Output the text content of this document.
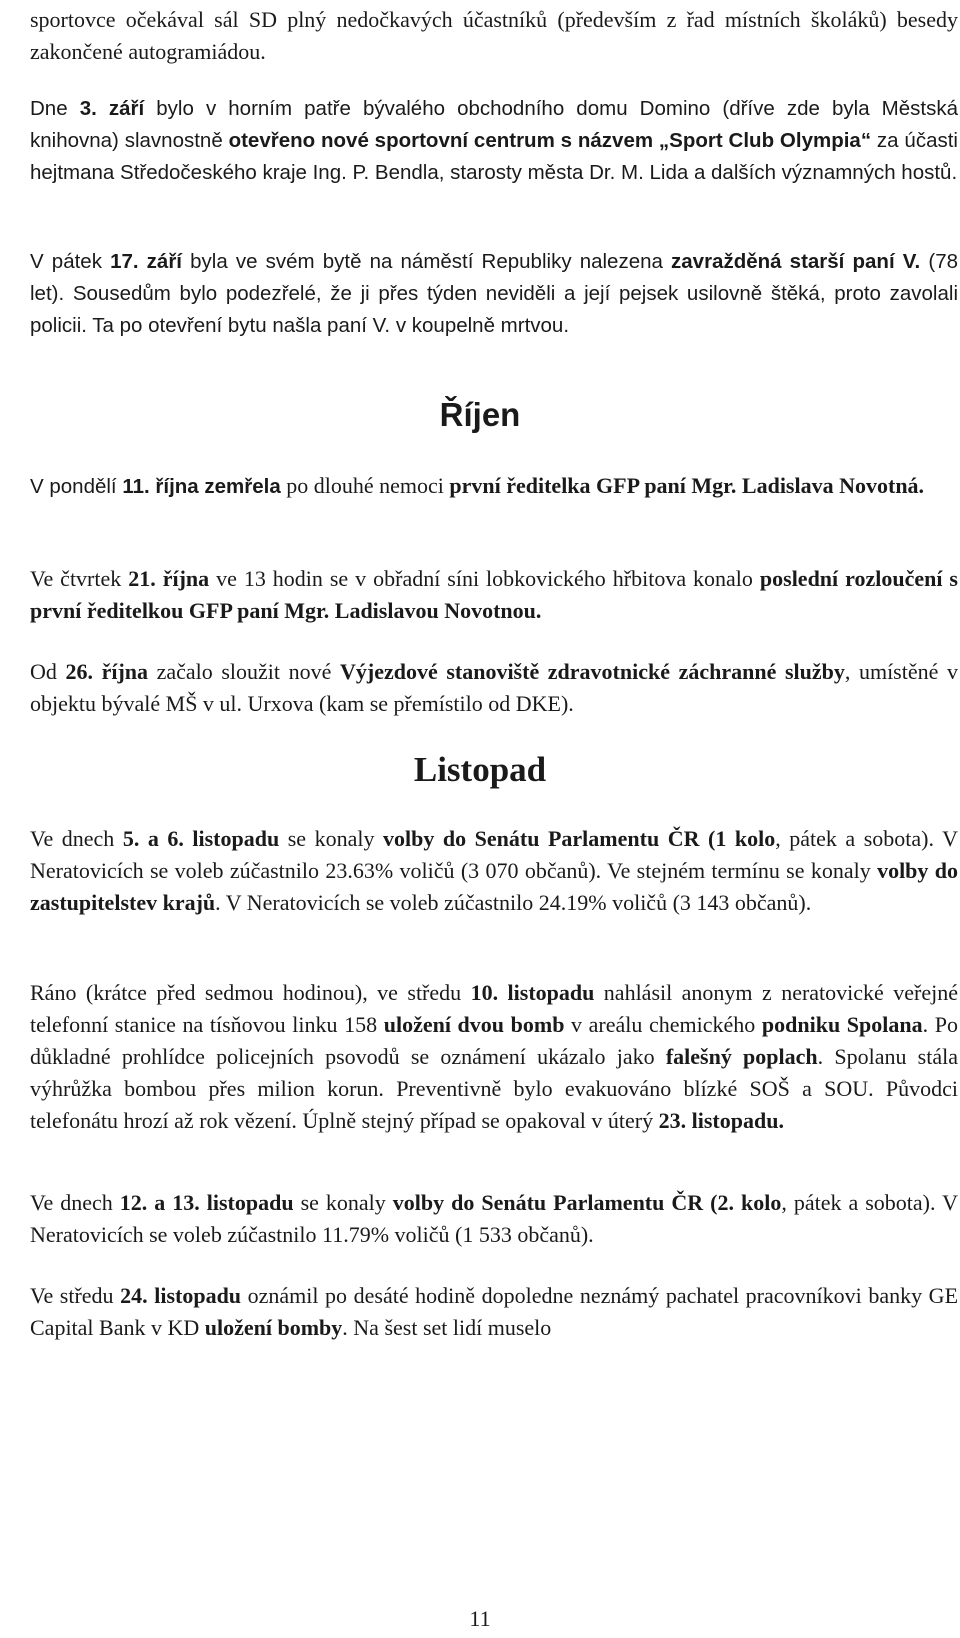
sportovce očekával sál SD plný nedočkavých účastníků (především z řad místních školáků) besedy zakončené autogramiádou.

Dne 3. září bylo v horním patře bývalého obchodního domu Domino (dříve zde byla Městská knihovna) slavnostně otevřeno nové sportovní centrum s názvem „Sport Club Olympia“ za účasti hejtmana Středočeského kraje Ing. P. Bendla, starosty města Dr. M. Lida a dalších významných hostů.

V pátek 17. září byla ve svém bytě na náměstí Republiky nalezena zavražděná starší paní V. (78 let). Sousedům bylo podezřelé, že ji přes týden neviděli a její pejsek usilovně štěká, proto zavolali policii. Ta po otevření bytu našla paní V. v koupelně mrtvou.

Říjen

V pondělí 11. října zemřela po dlouhé nemoci první ředitelka GFP paní Mgr. Ladislava Novotná.

Ve čtvrtek 21. října ve 13 hodin se v obřadní síni lobkovického hřbitova konalo poslední rozloučení s první ředitelkou GFP paní Mgr. Ladislavou Novotnou.

Od 26. října začalo sloužit nové Výjezdové stanoviště zdravotnické záchranné služby, umístěné v objektu bývalé MŠ v ul. Urxova (kam se přemístilo od DKE).

Listopad

Ve dnech 5. a 6. listopadu se konaly volby do Senátu Parlamentu ČR (1 kolo, pátek a sobota). V Neratovicích se voleb zúčastnilo 23.63% voličů (3 070 občanů). Ve stejném termínu se konaly volby do zastupitelstev krajů. V Neratovicích se voleb zúčastnilo 24.19% voličů (3 143 občanů).

Ráno (krátce před sedmou hodinou), ve středu 10. listopadu nahlásil anonym z neratovické veřejné telefonní stanice na tísňovou linku 158 uložení dvou bomb v areálu chemického podniku Spolana. Po důkladné prohlídce policejních psovodů se oznámení ukázalo jako falešný poplach. Spolanu stála výhrůžka bombou přes milion korun. Preventivně bylo evakuováno blízké SOŠ a SOU. Původci telefonátu hrozí až rok vězení. Úplně stejný případ se opakoval v úterý 23. listopadu.

Ve dnech 12. a 13. listopadu se konaly volby do Senátu Parlamentu ČR (2. kolo, pátek a sobota). V Neratovicích se voleb zúčastnilo 11.79% voličů (1 533 občanů).

Ve středu 24. listopadu oznámil po desáté hodině dopoledne neznámý pachatel pracovníkovi banky GE Capital Bank v KD uložení bomby. Na šest set lidí muselo

11
